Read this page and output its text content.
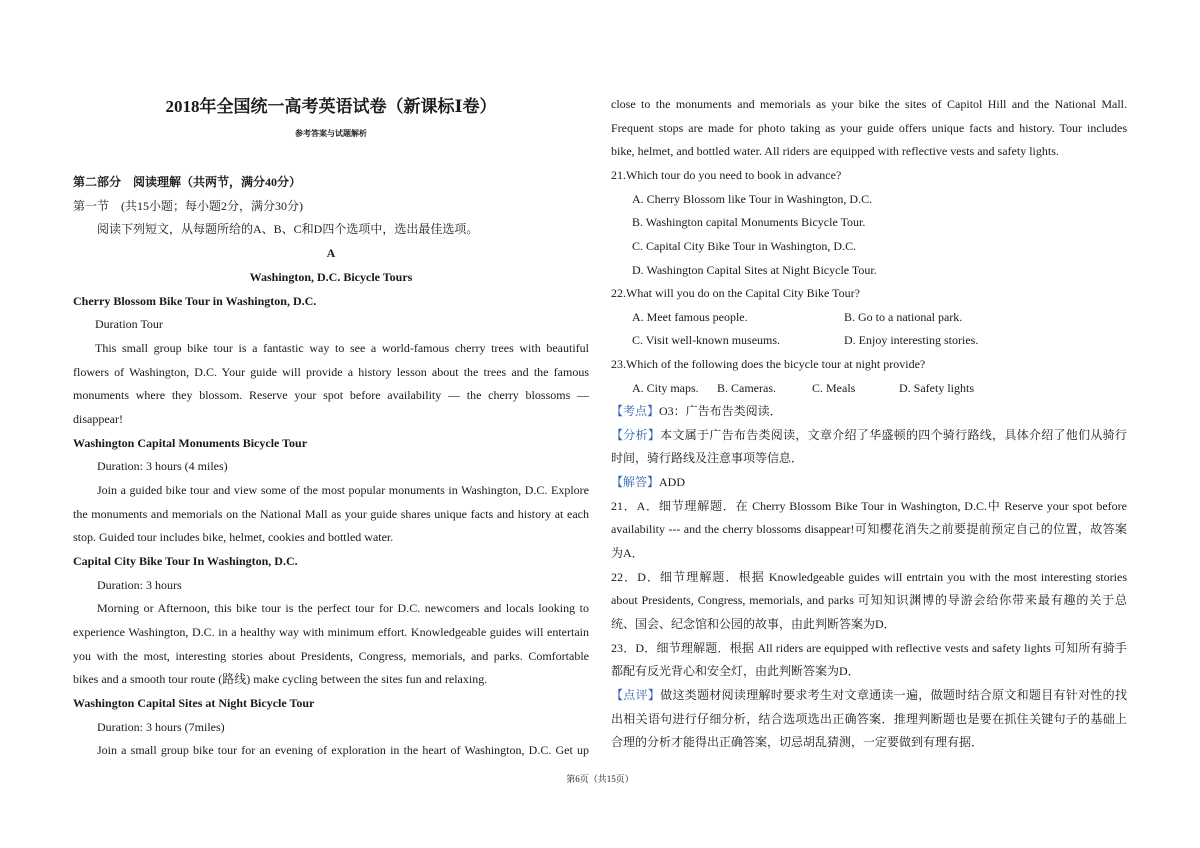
2018年全国统一高考英语试卷（新课标Ⅰ卷）
参考答案与试题解析
第二部分　阅读理解（共两节，满分40分）
第一节　(共15小题；每小题2分，满分30分)
阅读下列短文，从每题所给的A、B、C和D四个选项中，选出最佳选项。
A
Washington, D.C. Bicycle Tours
Cherry Blossom Bike Tour in Washington, D.C.
Duration Tour
This small group bike tour is a fantastic way to see a world-famous cherry trees with beautiful
flowers of Washington, D.C. Your guide will provide a history lesson about the trees and the famous
monuments where they blossom. Reserve your spot before availability — the cherry blossoms —
disappear!
Washington Capital Monuments Bicycle Tour
Duration: 3 hours (4 miles)
Join a guided bike tour and view some of the most popular monuments in Washington, D.C. Explore
the monuments and memorials on the National Mall as your guide shares unique facts and history at each
stop. Guided tour includes bike, helmet, cookies and bottled water.
Capital City Bike Tour In Washington, D.C.
Duration: 3 hours
Morning or Afternoon, this bike tour is the perfect tour for D.C. newcomers and locals looking to
experience Washington, D.C. in a healthy way with minimum effort. Knowledgeable guides will entertain
you with the most, interesting stories about Presidents, Congress, memorials, and parks. Comfortable
bikes and a smooth tour route (路线) make cycling between the sites fun and relaxing.
Washington Capital Sites at Night Bicycle Tour
Duration: 3 hours (7miles)
Join a small group bike tour for an evening of exploration in the heart of Washington, D.C. Get up
close to the monuments and memorials as your bike the sites of Capitol Hill and the National Mall.
Frequent stops are made for photo taking as your guide offers unique facts and history. Tour includes
bike, helmet, and bottled water. All riders are equipped with reflective vests and safety lights.
21.Which tour do you need to book in advance?
A. Cherry Blossom like Tour in Washington, D.C.
B. Washington capital Monuments Bicycle Tour.
C. Capital City Bike Tour in Washington, D.C.
D. Washington Capital Sites at Night Bicycle Tour.
22.What will you do on the Capital City Bike Tour?
A. Meet famous people.	B. Go to a national park.
C. Visit well-known museums.	D. Enjoy interesting stories.
23.Which of the following does the bicycle tour at night provide?
A. City maps. B. Cameras.	C. Meals	D. Safety lights
【考点】O3：广告布告类阅读．
【分析】本文属于广告布告类阅读，文章介绍了华盛顿的四个骑行路线，具体介绍了他们从骑行
时间，骑行路线及注意事项等信息．
【解答】ADD
21．A．细节理解题．在 Cherry Blossom Bike Tour in Washington, D.C.中 Reserve your spot before
availability --- and the cherry blossoms disappear!可知樱花消失之前要提前预定自己的位置，故答案
为A．
22．D．细节理解题．根据 Knowledgeable guides will entrtain you with the most interesting stories
about Presidents, Congress, memorials, and parks 可知知识渊博的导游会给你带来最有趣的关于总
统、国会、纪念馆和公园的故事，由此判断答案为D．
23．D．细节理解题．根据 All riders are equipped with reflective vests and safety lights 可知所有骑手
都配有反光背心和安全灯，由此判断答案为D．
【点评】做这类题材阅读理解时要求考生对文章通读一遍，做题时结合原文和题目有针对性的找
出相关语句进行仔细分析，结合选项选出正确答案．推理判断题也是要在抓住关键句子的基础上
合理的分析才能得出正确答案，切忌胡乱猜测，一定要做到有理有据．
第6页（共15页）
